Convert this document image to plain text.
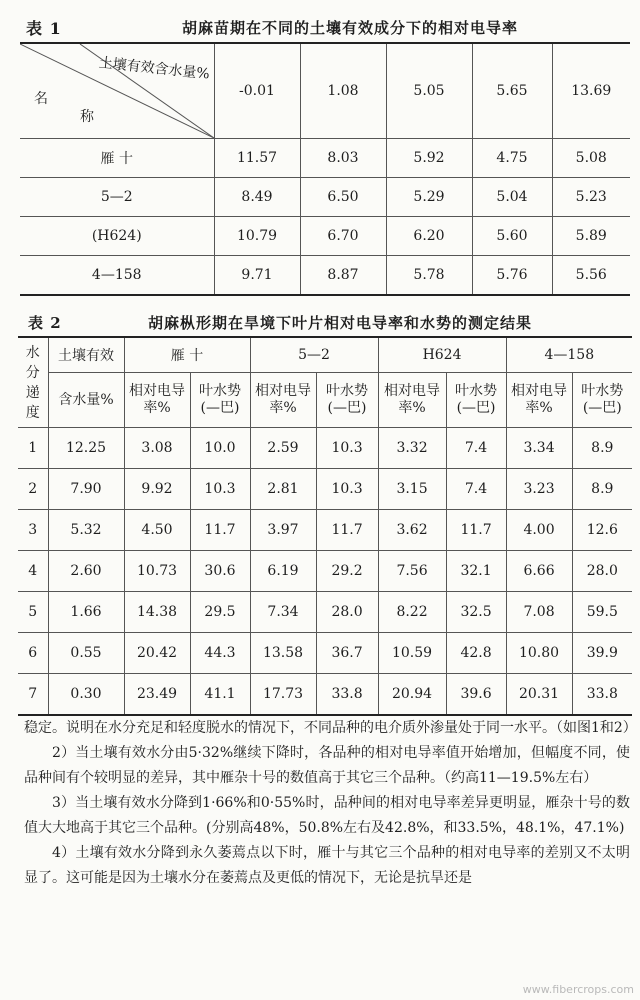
表 1	胡麻苗期在不同的土壤有效成分下的相对电导率
土壤有效含水量%
名
称	-0.01	1.08	5.05	5.65	13.69
雁 十	11.57	8.03	5.92	4.75	5.08
5—2	8.49	6.50	5.29	5.04	5.23
(H624)	10.79	6.70	6.20	5.60	5.89
4—158	9.71	8.87	5.78	5.76	5.56
表 2	胡麻枞形期在旱境下叶片相对电导率和水势的测定结果
水分递度	土壤有效	雁 十		5—2		H624		4—158	
	含水量%	相对电导率%	叶水势(—巴)	相对电导率%	叶水势(—巴)	相对电导率%	叶水势(—巴)	相对电导率%	叶水势(—巴)
1	12.25	3.08	10.0	2.59	10.3	3.32	7.4	3.34	8.9
2	7.90	9.92	10.3	2.81	10.3	3.15	7.4	3.23	8.9
3	5.32	4.50	11.7	3.97	11.7	3.62	11.7	4.00	12.6
4	2.60	10.73	30.6	6.19	29.2	7.56	32.1	6.66	28.0
5	1.66	14.38	29.5	7.34	28.0	8.22	32.5	7.08	59.5
6	0.55	20.42	44.3	13.58	36.7	10.59	42.8	10.80	39.9
7	0.30	23.49	41.1	17.73	33.8	20.94	39.6	20.31	33.8

稳定。说明在水分充足和轻度脱水的情况下，不同品种的电介质外渗量处于同一水平。（如图1和2）

2）当土壤有效水分由5·32%继续下降时，各品种的相对电导率值开始增加，但幅度不同，使品种间有个较明显的差异，其中雁杂十号的数值高于其它三个品种。（约高11—19.5%左右）

3）当土壤有效水分降到1·66%和0·55%时，品种间的相对电导率差异更明显，雁杂十号的数值大大地高于其它三个品种。(分别高48%，50.8%左右及42.8%，和33.5%，48.1%，47.1%)

4）土壤有效水分降到永久萎蔫点以下时，雁十与其它三个品种的相对电导率的差别又不太明显了。这可能是因为土壤水分在萎蔫点及更低的情况下，无论是抗旱还是

www.fibercrops.com
